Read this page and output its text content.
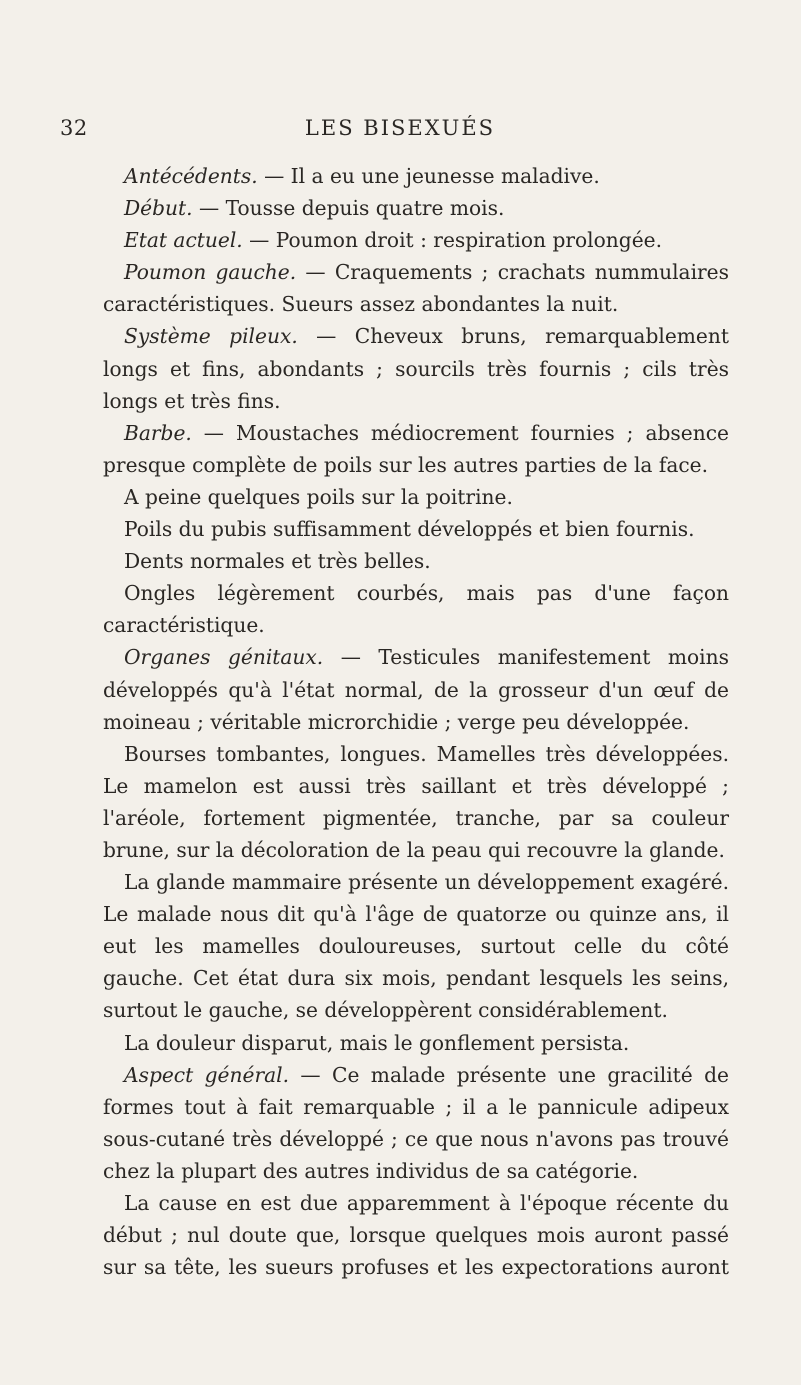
32	LES BISEXUÉS

Antécédents. — Il a eu une jeunesse maladive.

Début. — Tousse depuis quatre mois.

Etat actuel. — Poumon droit : respiration prolongée.

Poumon gauche. — Craquements ; crachats nummulaires caractéristiques. Sueurs assez abondantes la nuit.

Système pileux. — Cheveux bruns, remarquablement longs et fins, abondants ; sourcils très fournis ; cils très longs et très fins.

Barbe. — Moustaches médiocrement fournies ; absence presque complète de poils sur les autres parties de la face.

A peine quelques poils sur la poitrine.

Poils du pubis suffisamment développés et bien fournis.

Dents normales et très belles.

Ongles légèrement courbés, mais pas d'une façon caractéristique.

Organes génitaux. — Testicules manifestement moins développés qu'à l'état normal, de la grosseur d'un œuf de moineau ; véritable microrchidie ; verge peu développée.

Bourses tombantes, longues. Mamelles très développées. Le mamelon est aussi très saillant et très développé ; l'aréole, fortement pigmentée, tranche, par sa couleur brune, sur la décoloration de la peau qui recouvre la glande.

La glande mammaire présente un développement exagéré. Le malade nous dit qu'à l'âge de quatorze ou quinze ans, il eut les mamelles douloureuses, surtout celle du côté gauche. Cet état dura six mois, pendant lesquels les seins, surtout le gauche, se développèrent considérablement.

La douleur disparut, mais le gonflement persista.

Aspect général. — Ce malade présente une gracilité de formes tout à fait remarquable ; il a le pannicule adipeux sous-cutané très développé ; ce que nous n'avons pas trouvé chez la plupart des autres individus de sa catégorie.

La cause en est due apparemment à l'époque récente du début ; nul doute que, lorsque quelques mois auront passé sur sa tête, les sueurs profuses et les expectorations auront
